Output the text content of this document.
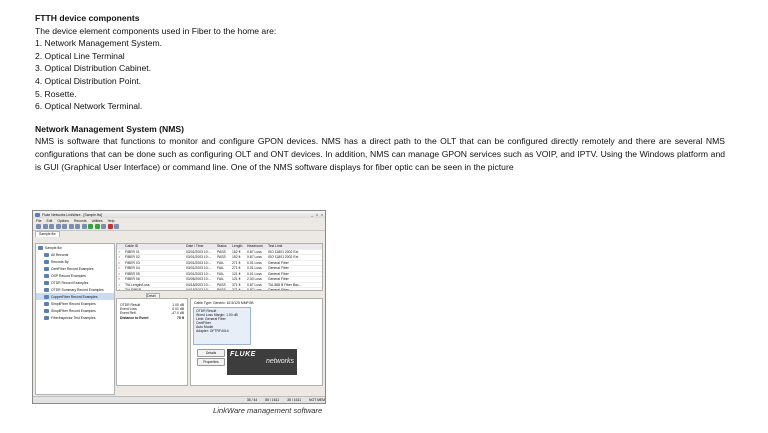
FTTH device components
The device element components used in Fiber to the home are:
1. Network Management System.
2. Optical Line Terminal
3. Optical Distribution Cabinet.
4. Optical Distribution Point.
5. Rosette.
6. Optical Network Terminal.
Network Management System (NMS)
NMS is software that functions to monitor and configure GPON devices. NMS has a direct path to the OLT that can be configured directly remotely and there are several NMS configurations that can be done such as configuring OLT and ONT devices. In addition, NMS can manage GPON services such as VOIP, and IPTV. Using the Windows platform and is GUI (Graphical User Interface) or command line. One of the NMS software displays for fiber optic can be seen in the picture
Fluke Networks LinkWare - [Sample.flw]	_ □ ×
File Edit Options Records Utilities Help
Sample.flw
Sample.flw
All Records
Records By
CertiFiber Record Examples
OSP Record Examples
OTDR Record Examples
OTDR Summary Record Examples
CopperFiber Record Examples
SimpliFiber Record Examples
SimpliFiber Record Examples
FiberInspector Test Examples
Cable ID	Date / Time	Status	Length	Headroom	Test Limit
✓	FIBER 01	03/01/2003 10:...	PASS	152 ft	0.87 Loss	ISO 11801 2002 Ext
✓	FIBER 02	03/01/2003 10:...	PASS	152 ft	0.87 Loss	ISO 11801 2002 Ext
×	FIBER 03	03/01/2003 10:...	FAIL	271 ft	0.01 Loss	General Fiber
×	FIBER 04	03/01/2003 10:...	FAIL	271 ft	0.01 Loss	General Fiber
×	FIBER 05	03/01/2003 10:...	FAIL	121 ft	0.01 Loss	General Fiber
×	FIBER 06	03/05/2003 10:...	FAIL	121 ft	2.00 Loss	General Fiber
✓	TIA Length/Loss	04/18/2003 10:...	PASS	371 ft	0.87 Loss	TIA-568 B Fiber Bac...
✓	TIA FIBER	04/18/2003 10:...	PASS	371 ft	0.87 Loss	General Fiber
Detail
OTDR Result	1.00 dB
Event Loss	0.01 dB
Event Refl.	-47.0 dB
Distance to Event	75 ft
Cable Type: Generic: 62.5/125 MMFOB
OTDR Result
Worst Loss Margin: 1.00 dB
Limit: General Fiber
CertiFiber
Auto Model
Adapter: OFTRF4014
Details
Properties
FLUKE
networks
35 / 44 85 / 1611 35 / 1611 NOT MEM
LinkWare management software
